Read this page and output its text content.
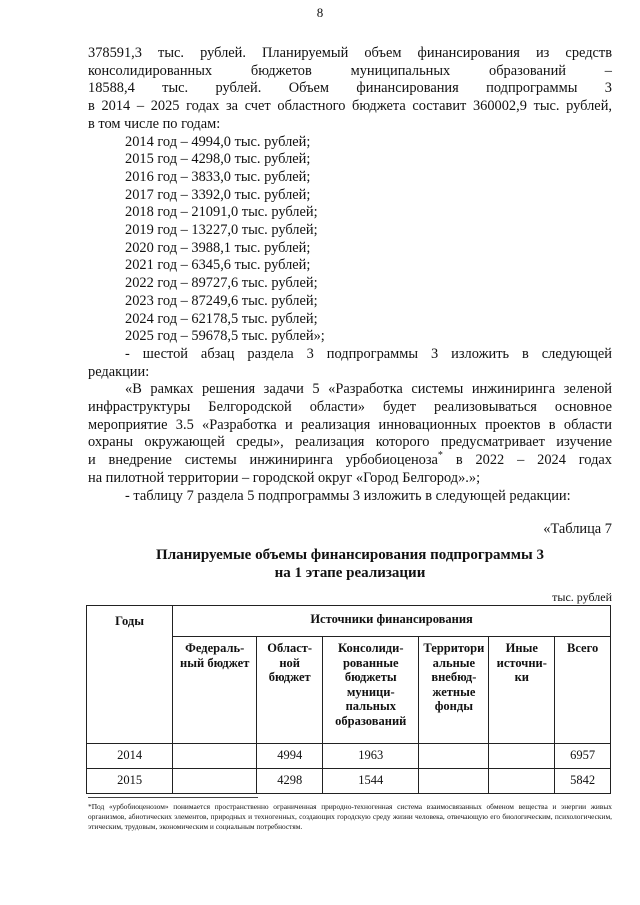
8

378591,3 тыс. рублей. Планируемый объем финансирования из средств

консолидированных бюджетов муниципальных образований –

18588,4 тыс. рублей. Объем финансирования подпрограммы 3

в 2014 – 2025 годах за счет областного бюджета составит 360002,9 тыс. рублей,

в том числе по годам:

2014 год – 4994,0 тыс. рублей;
2015 год – 4298,0 тыс. рублей;
2016 год – 3833,0 тыс. рублей;
2017 год – 3392,0 тыс. рублей;
2018 год – 21091,0 тыс. рублей;
2019 год – 13227,0 тыс. рублей;
2020 год – 3988,1 тыс. рублей;
2021 год – 6345,6 тыс. рублей;
2022 год – 89727,6 тыс. рублей;
2023 год – 87249,6 тыс. рублей;
2024 год – 62178,5 тыс. рублей;
2025 год – 59678,5 тыс. рублей»;

- шестой абзац раздела 3 подпрограммы 3 изложить в следующей

редакции:

«В рамках решения задачи 5 «Разработка системы инжиниринга зеленой

инфраструктуры Белгородской области» будет реализовываться основное

мероприятие 3.5 «Разработка и реализация инновационных проектов в области

охраны окружающей среды», реализация которого предусматривает изучение

и внедрение системы инжиниринга урбобиоценоза* в 2022 – 2024 годах

на пилотной территории – городской округ «Город Белгород».»;

- таблицу 7 раздела 5 подпрограммы 3 изложить в следующей редакции:

«Таблица 7

Планируемые объемы финансирования подпрограммы 3
на 1 этапе реализации
тыс. рублей
Годы	Источники финансирования					
	Федераль-ный бюджет	Област-ной бюджет	Консолиди-рованные бюджеты муници-пальных образований	Территори альные внебюд-жетные фонды	Иные источни-ки	Всего
2014		4994	1963			6957
2015		4298	1544			5842
*Под «урбобиоценозом» понимается пространственно ограниченная природно-техногенная система взаимосвязанных обменом вещества и энергии живых организмов, абиотических элементов, природных и техногенных, создающих городскую среду жизни человека, отвечающую его биологическим, психологическим, этическим, трудовым, экономическим и социальным потребностям.
